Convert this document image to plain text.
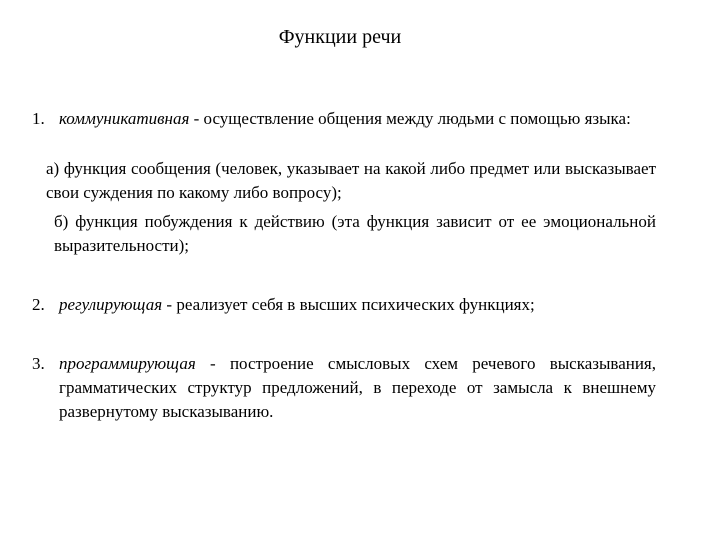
Функции речи
1. коммуникативная - осуществление общения между людьми с помощью языка:
а) функция сообщения (человек, указывает на какой либо предмет или высказывает свои суждения по какому либо вопросу);
б) функция побуждения к действию (эта функция зависит от ее эмоциональной выразительности);
2. регулирующая - реализует себя в высших психических функциях;
3. программирующая - построение смысловых схем речевого высказывания, грамматических структур предложений, в переходе от замысла к внешнему развернутому высказыванию.
